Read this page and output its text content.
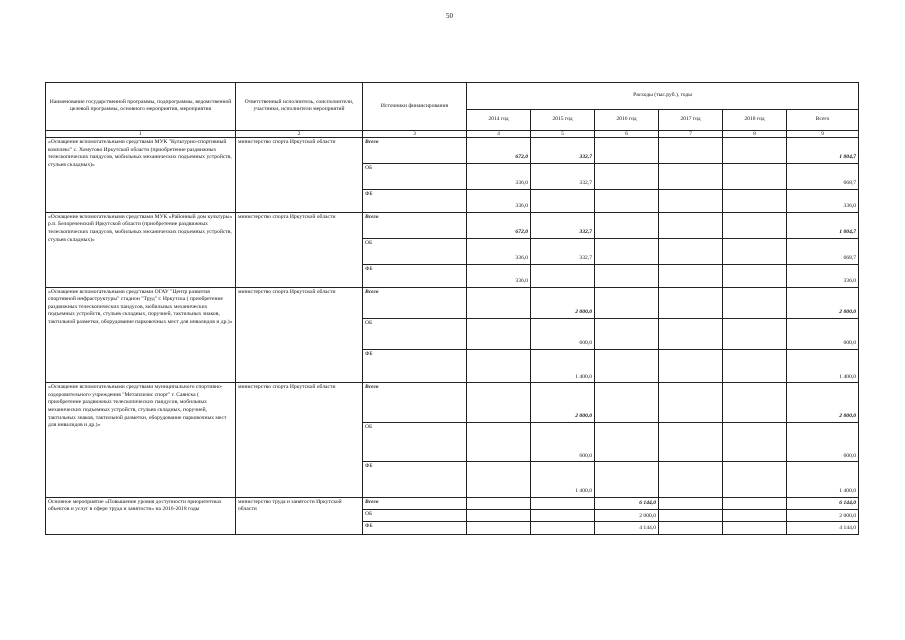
50
Наименование государственной программы, подпрограммы, ведомственной целевой программы, основного мероприятия, мероприятия	Ответственный исполнитель, соисполнители, участники, исполнители мероприятий	Источники финансирования	Расходы (тыс.руб.), годы					
			2014 год	2015 год	2016 год	2017 год	2018 год	Всего
1	2	3	4	5	6	7	8	9
«Оснащение вспомогательными средствами МУК "Культурно-спортивный комплекс" с. Хомутово Иркутской области (приобретение раздвижных телескопических пандусов, мобильных механических подъемных устройств, стульев складных)»	министерство спорта Иркутской области	Всего	672,0	332,7				1 004,7
		ОБ	336,0	332,7				668,7
		ФБ	336,0					336,0
«Оснащение вспомогательными средствами МУК «Районный дом культуры» р.п. Белореченский Иркутской области (приобретение раздвижных телескопических пандусов, мобильных механических подъемных устройств, стульев складных)»	министерство спорта Иркутской области	Всего	672,0	332,7				1 004,7
		ОБ	336,0	332,7				668,7
		ФБ	336,0					336,0
«Оснащение вспомогательными средствами ОГАУ "Центр развития спортивной инфраструктуры" стадион "Труд" г. Иркутска ( приобретение раздвижных телескопических пандусов, мобильных механических подъемных устройств, стульев складных, поручней, тактильных знаков, тактильной разметки, оборудование парковочных мест для инвалидов и др.)»	министерство спорта Иркутской области	Всего		2 000,0				2 000,0
		ОБ		600,0				600,0
		ФБ		1 400,0				1 400,0
«Оснащение вспомогательными средствами муниципального спортивно-оздоровительного учреждения "Метаплизис спорт" г. Саянска ( приобретение раздвижных телескопических пандусов, мобильных механических подъемных устройств, стульев складных, поручней, тактильных знаков, тактильной разметки, оборудование парковочных мест для инвалидов и др.)»	министерство спорта Иркутской области	Всего		2 000,0				2 000,0
		ОБ		600,0				600,0
		ФБ		1 400,0				1 400,0
Основное мероприятие «Повышение уровня доступности приоритетных объектов и услуг в сфере труда и занятости» на 2016-2018 годы	министерство труда и занятости Иркутской области	Всего			6 144,0			6 144,0
		ОБ			2 000,0			2 000,0
		ФБ			4 144,0			4 144,0
